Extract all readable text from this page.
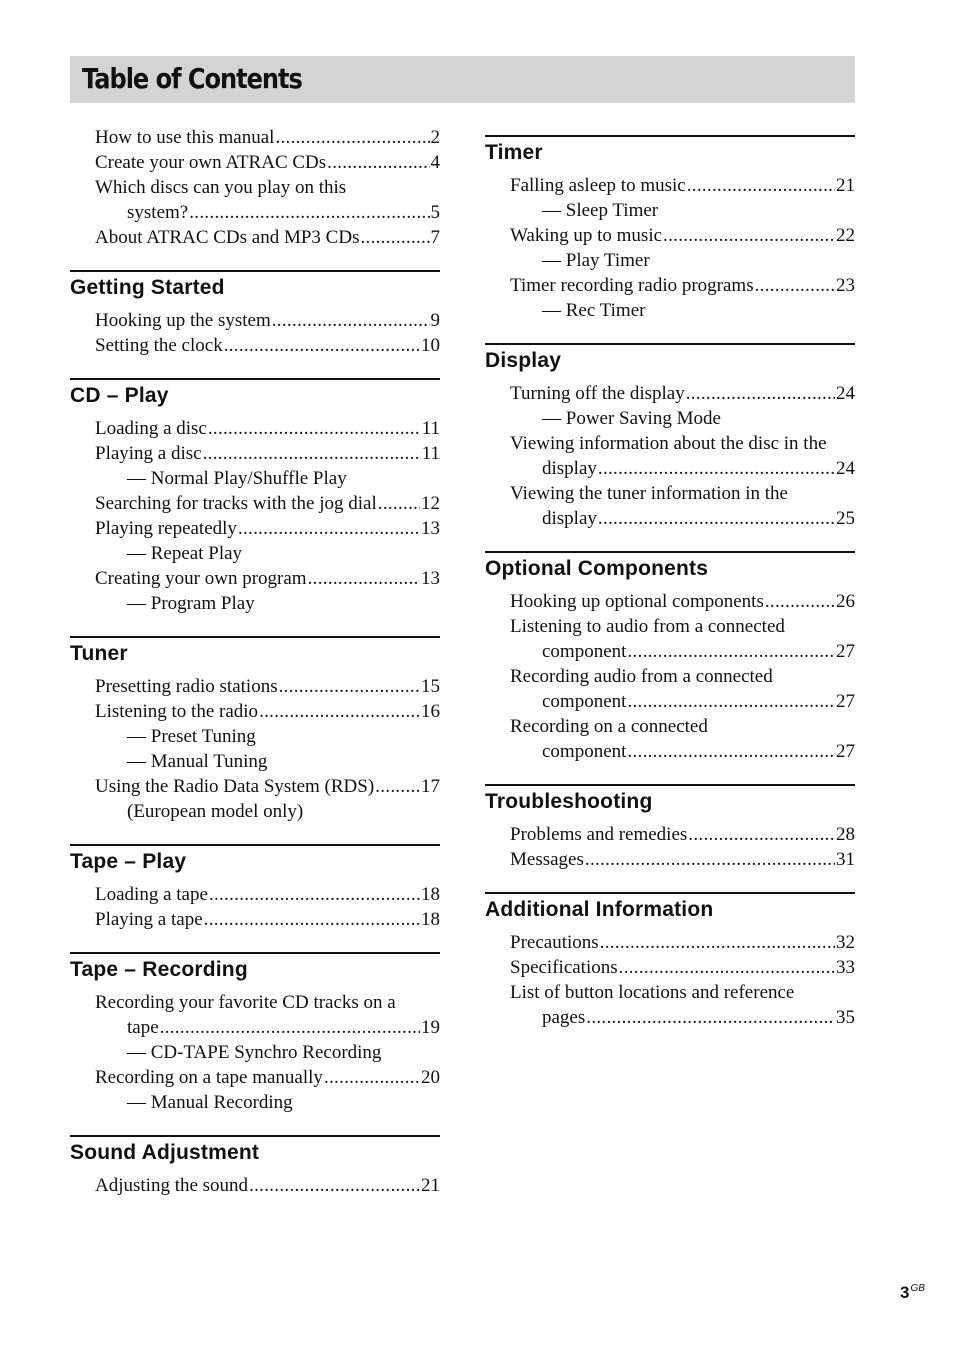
Table of Contents
How to use this manual .....	2
Create your own ATRAC CDs .....	4
Which discs can you play on this
system? .....	5
About ATRAC CDs and MP3 CDs .....	7
Getting Started
Hooking up the system .....	9
Setting the clock .....	10
CD – Play
Loading a disc .....	11
Playing a disc .....	11
— Normal Play/Shuffle Play
Searching for tracks with the jog dial ..... 12
Playing repeatedly .....	13
— Repeat Play
Creating your own program .....	13
— Program Play
Tuner
Presetting radio stations .....	15
Listening to the radio .....	16
— Preset Tuning
— Manual Tuning
Using the Radio Data System (RDS) ..... 17
(European model only)
Tape – Play
Loading a tape .....	18
Playing a tape .....	18
Tape – Recording
Recording your favorite CD tracks on a
tape .....	19
— CD-TAPE Synchro Recording
Recording on a tape manually .....	20
— Manual Recording
Sound Adjustment
Adjusting the sound .....	21
Timer
Falling asleep to music .....	21
— Sleep Timer
Waking up to music .....	22
— Play Timer
Timer recording radio programs .....	23
— Rec Timer
Display
Turning off the display .....	24
— Power Saving Mode
Viewing information about the disc in the
display .....	24
Viewing the tuner information in the
display .....	25
Optional Components
Hooking up optional components .....	26
Listening to audio from a connected
component .....	27
Recording audio from a connected
component .....	27
Recording on a connected
component .....	27
Troubleshooting
Problems and remedies .....	28
Messages .....	31
Additional Information
Precautions .....	32
Specifications .....	33
List of button locations and reference
pages .....	35
$3^{GB}$
